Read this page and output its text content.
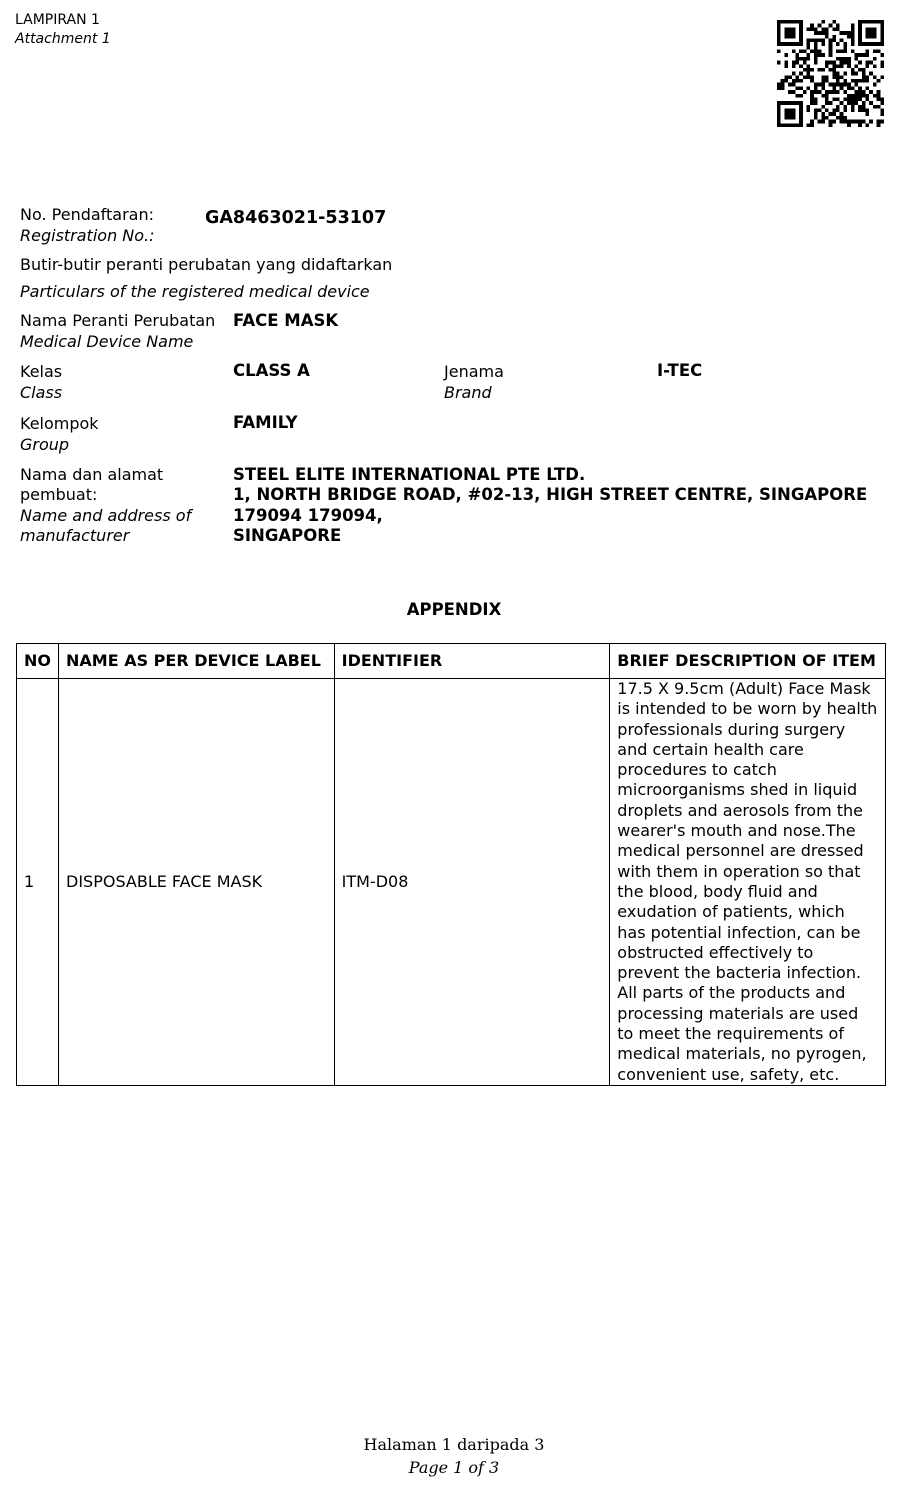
LAMPIRAN 1
Attachment 1
No. Pendaftaran:
Registration No.:
GA8463021-53107
Butir-butir peranti perubatan yang didaftarkan
Particulars of the registered medical device
Nama Peranti Perubatan
Medical Device Name
FACE MASK
Kelas
Class
CLASS A	Jenama
Brand
I-TEC
Kelompok
Group
FAMILY
Nama dan alamat
pembuat:
Name and address of
manufacturer
STEEL ELITE INTERNATIONAL PTE LTD.
1, NORTH BRIDGE ROAD, #02-13, HIGH STREET CENTRE, SINGAPORE
179094 179094,
SINGAPORE
APPENDIX
NO	NAME AS PER DEVICE LABEL	IDENTIFIER	BRIEF DESCRIPTION OF ITEM
1	DISPOSABLE FACE MASK	ITM-D08	17.5 X 9.5cm (Adult) Face Mask is intended to be worn by health professionals during surgery and certain health care procedures to catch microorganisms shed in liquid droplets and aerosols from the wearer's mouth and nose.The medical personnel are dressed with them in operation so that the blood, body fluid and exudation of patients, which has potential infection, can be obstructed effectively to prevent the bacteria infection. All parts of the products and processing materials are used to meet the requirements of medical materials, no pyrogen, convenient use, safety, etc.
Halaman 1 daripada 3
Page 1 of 3
